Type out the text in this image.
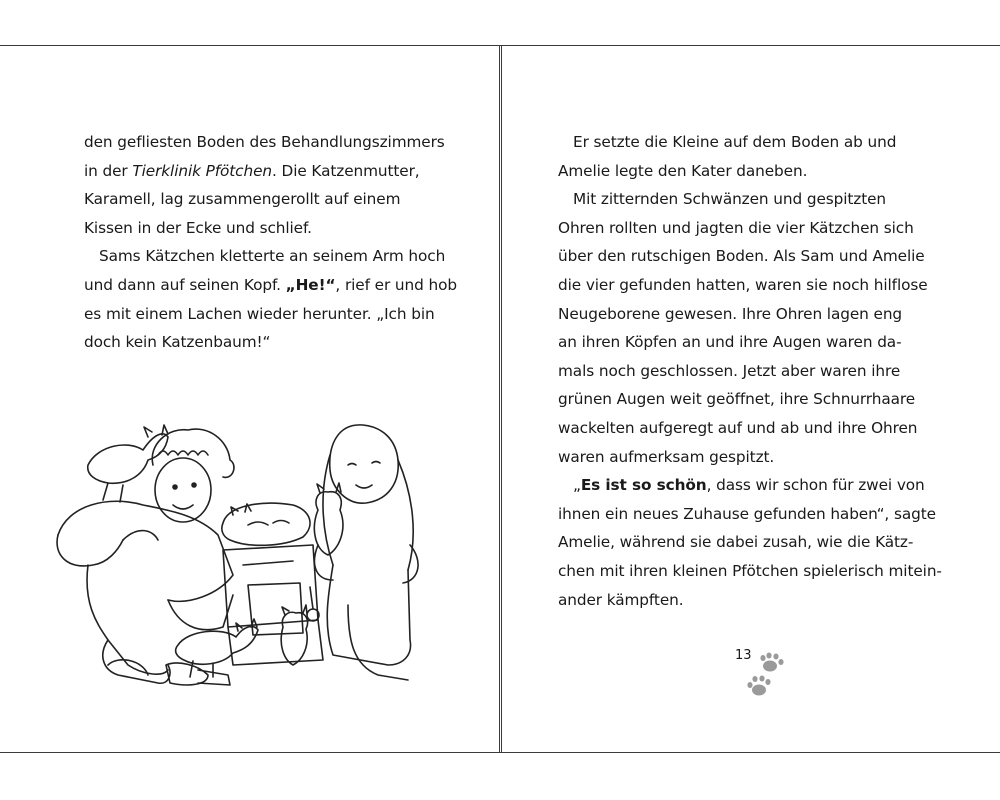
den gefliesten Boden des Behandlungszimmers
in der Tierklinik Pfötchen. Die Katzenmutter,
Karamell, lag zusammengerollt auf einem
Kissen in der Ecke und schlief.
Sams Kätzchen kletterte an seinem Arm hoch
und dann auf seinen Kopf. „He!“, rief er und hob
es mit einem Lachen wieder herunter. „Ich bin
doch kein Katzenbaum!“
Er setzte die Kleine auf dem Boden ab und
Amelie legte den Kater daneben.
Mit zitternden Schwänzen und gespitzten
Ohren rollten und jagten die vier Kätzchen sich
über den rutschigen Boden. Als Sam und Amelie
die vier gefunden hatten, waren sie noch hilflose
Neugeborene gewesen. Ihre Ohren lagen eng
an ihren Köpfen an und ihre Augen waren da-
mals noch geschlossen. Jetzt aber waren ihre
grünen Augen weit geöffnet, ihre Schnurrhaare
wackelten aufgeregt auf und ab und ihre Ohren
waren aufmerksam gespitzt.
„Es ist so schön, dass wir schon für zwei von
ihnen ein neues Zuhause gefunden haben“, sagte
Amelie, während sie dabei zusah, wie die Kätz-
chen mit ihren kleinen Pfötchen spielerisch mitein-
ander kämpften.
13
